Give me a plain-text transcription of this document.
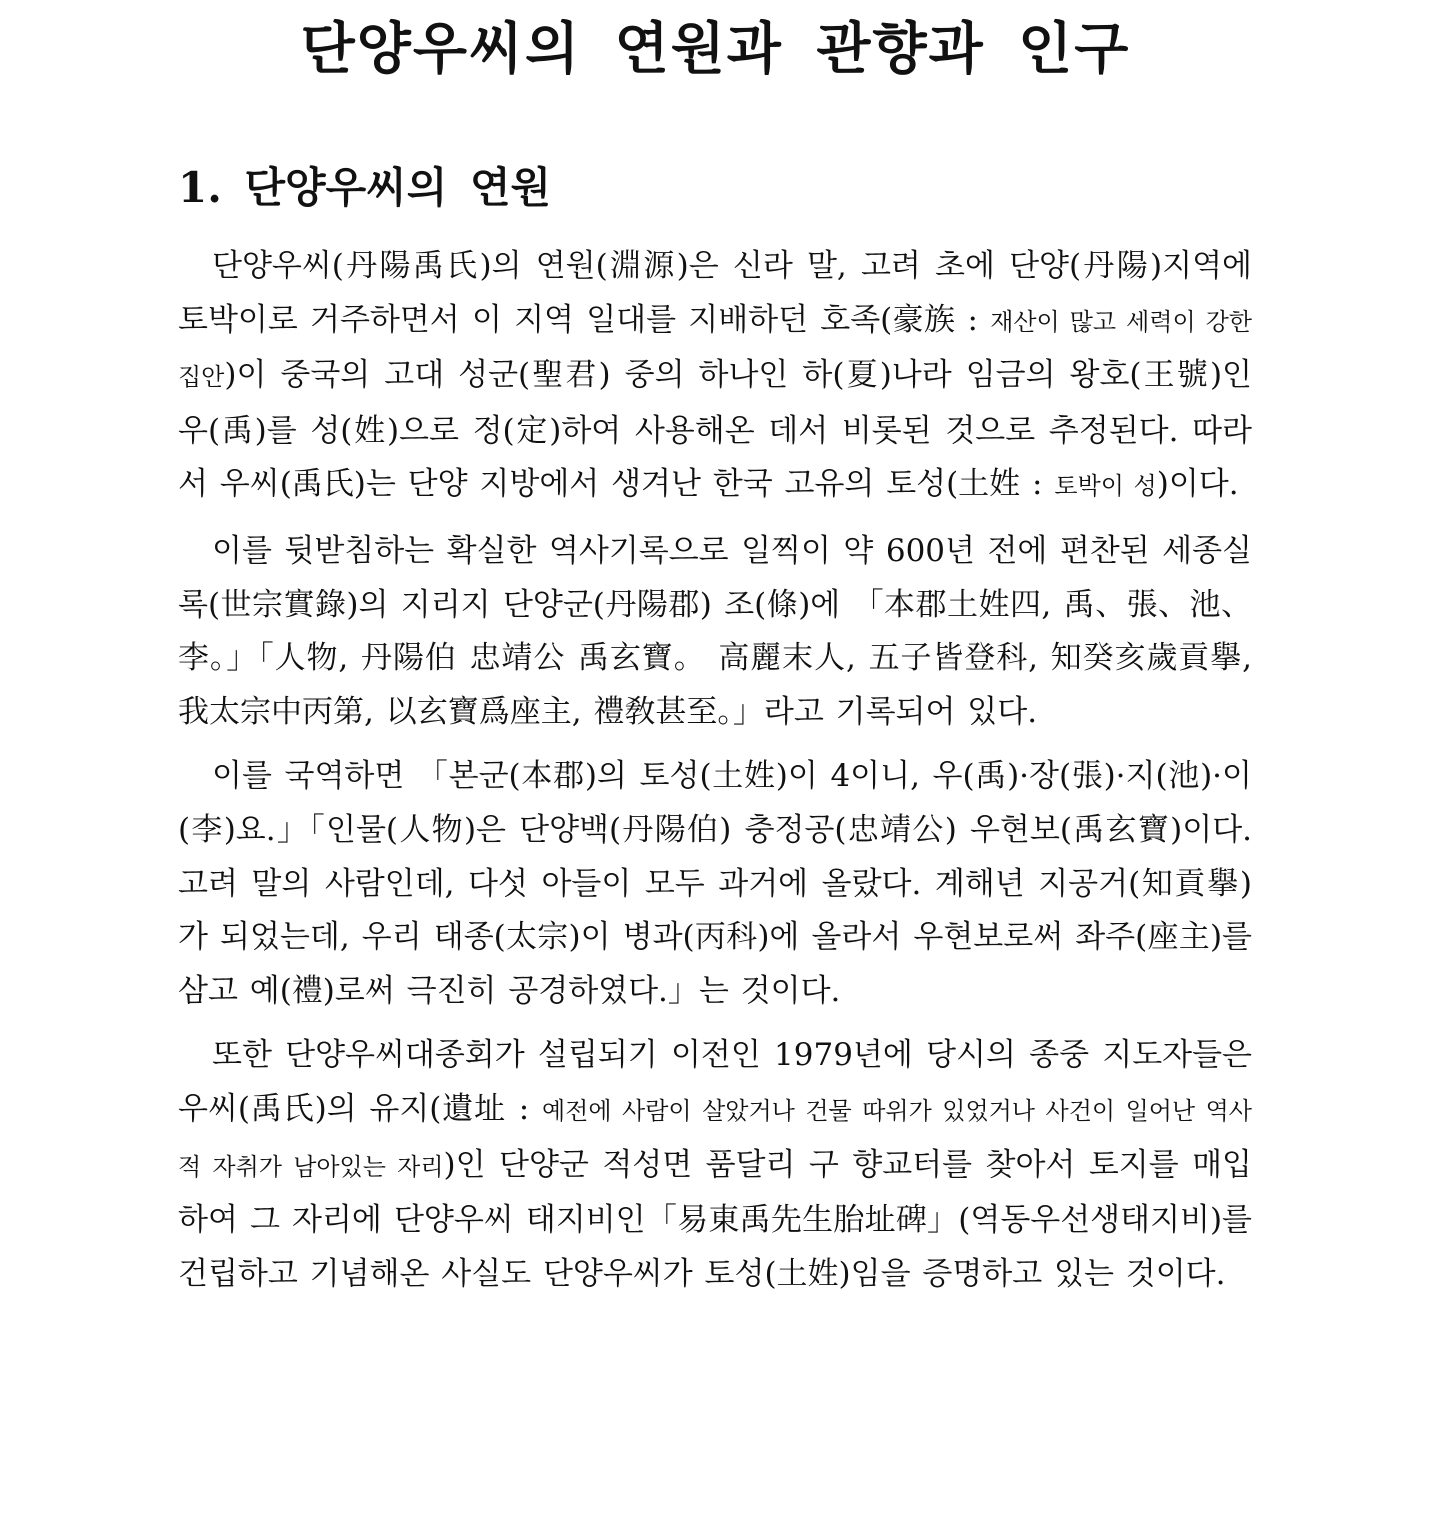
단양우씨의 연원과 관향과 인구
1. 단양우씨의 연원

단양우씨(丹陽禹氏)의 연원(淵源)은 신라 말, 고려 초에 단양(丹陽)지역에 토박이로 거주하면서 이 지역 일대를 지배하던 호족(豪族 : 재산이 많고 세력이 강한 집안)이 중국의 고대 성군(聖君) 중의 하나인 하(夏)나라 임금의 왕호(王號)인 우(禹)를 성(姓)으로 정(定)하여 사용해온 데서 비롯된 것으로 추정된다. 따라서 우씨(禹氏)는 단양 지방에서 생겨난 한국 고유의 토성(土姓 : 토박이 성)이다.

이를 뒷받침하는 확실한 역사기록으로 일찍이 약 600년 전에 편찬된 세종실록(世宗實錄)의 지리지 단양군(丹陽郡) 조(條)에 「本郡土姓四, 禹、張、池、李。」「人物, 丹陽伯 忠靖公 禹玄寶。 高麗末人, 五子皆登科, 知癸亥歲貢擧, 我太宗中丙第, 以玄寶爲座主, 禮敎甚至。」라고 기록되어 있다.

이를 국역하면 「본군(本郡)의 토성(土姓)이 4이니, 우(禹)·장(張)·지(池)·이(李)요.」「인물(人物)은 단양백(丹陽伯) 충정공(忠靖公) 우현보(禹玄寶)이다. 고려 말의 사람인데, 다섯 아들이 모두 과거에 올랐다. 계해년 지공거(知貢擧)가 되었는데, 우리 태종(太宗)이 병과(丙科)에 올라서 우현보로써 좌주(座主)를 삼고 예(禮)로써 극진히 공경하였다.」는 것이다.

또한 단양우씨대종회가 설립되기 이전인 1979년에 당시의 종중 지도자들은 우씨(禹氏)의 유지(遺址 : 예전에 사람이 살았거나 건물 따위가 있었거나 사건이 일어난 역사적 자취가 남아있는 자리)인 단양군 적성면 품달리 구 향교터를 찾아서 토지를 매입하여 그 자리에 단양우씨 태지비인「易東禹先生胎址碑」(역동우선생태지비)를 건립하고 기념해온 사실도 단양우씨가 토성(土姓)임을 증명하고 있는 것이다.
